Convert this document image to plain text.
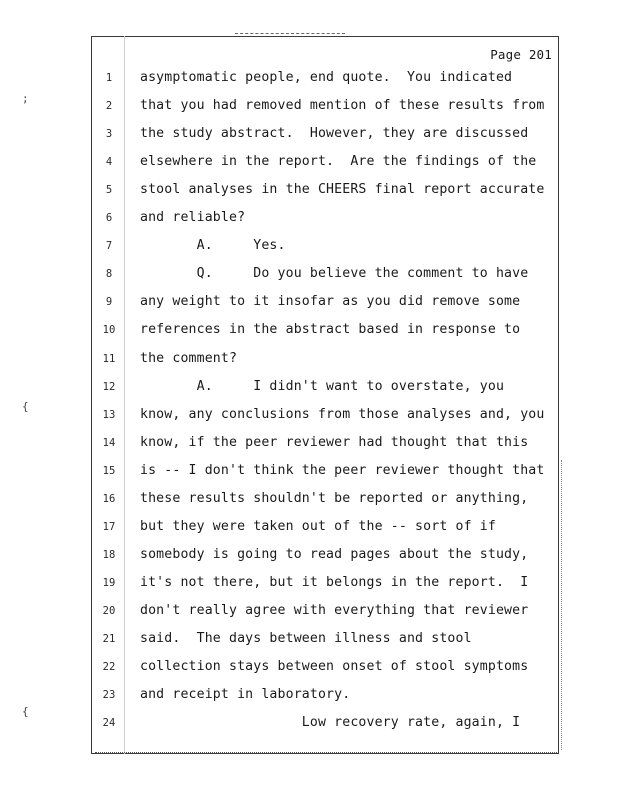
;
{
{
Page 201
1	asymptomatic people, end quote.  You indicated
2	that you had removed mention of these results from
3	the study abstract.  However, they are discussed
4	elsewhere in the report.  Are the findings of the
5	stool analyses in the CHEERS final report accurate
6	and reliable?
7	A.     Yes.
8	Q.     Do you believe the comment to have
9	any weight to it insofar as you did remove some
10	references in the abstract based in response to
11	the comment?
12	A.     I didn't want to overstate, you
13	know, any conclusions from those analyses and, you
14	know, if the peer reviewer had thought that this
15	is -- I don't think the peer reviewer thought that
16	these results shouldn't be reported or anything,
17	but they were taken out of the -- sort of if
18	somebody is going to read pages about the study,
19	it's not there, but it belongs in the report.  I
20	don't really agree with everything that reviewer
21	said.  The days between illness and stool
22	collection stays between onset of stool symptoms
23	and receipt in laboratory.
24	Low recovery rate, again, I
